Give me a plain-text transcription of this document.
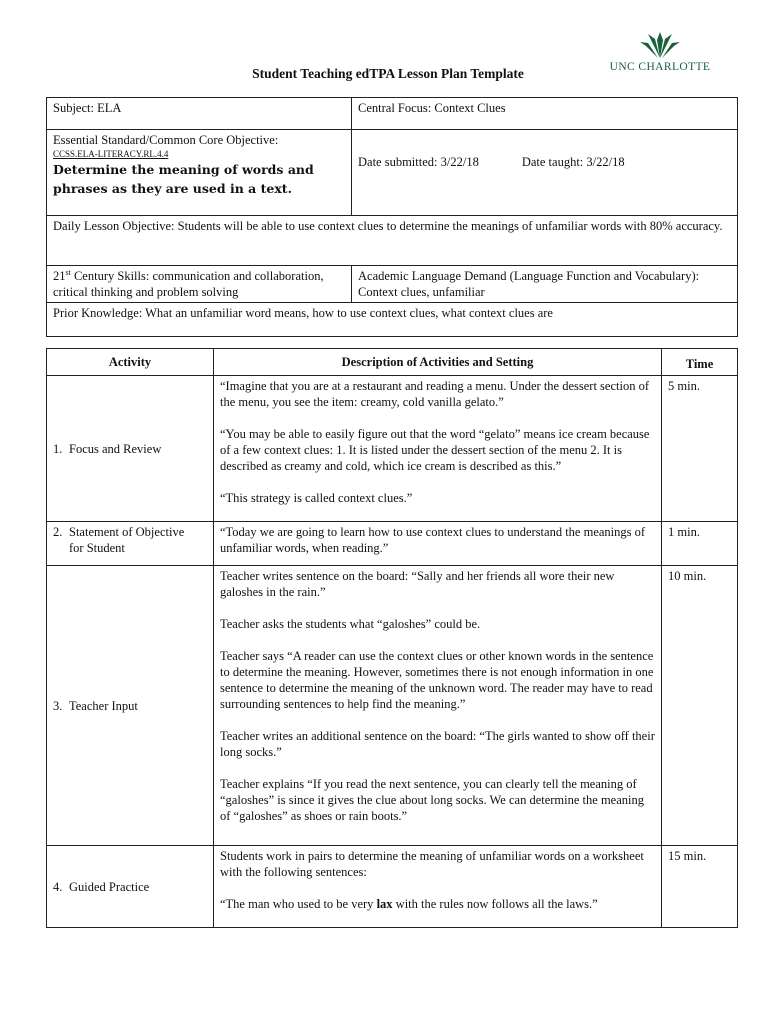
UNC CHARLOTTE
Student Teaching edTPA Lesson Plan Template
Subject: ELA	Central Focus: Context Clues
Essential Standard/Common Core Objective:
CCSS.ELA-LITERACY.RL.4.4
Determine the meaning of words and phrases as they are used in a text.	Date submitted: 3/22/18 Date taught: 3/22/18

Daily Lesson Objective: Students will be able to use context clues to determine the meanings of unfamiliar words with 80% accuracy.	
21st Century Skills: communication and collaboration, critical thinking and problem solving	Academic Language Demand (Language Function and Vocabulary): Context clues, unfamiliar
Prior Knowledge: What an unfamiliar word means, how to use context clues, what context clues are	
Activity	Description of Activities and Setting	Time
1. Focus and Review	“Imagine that you are at a restaurant and reading a menu. Under the dessert section of the menu, you see the item: creamy, cold vanilla gelato.”

“You may be able to easily figure out that the word “gelato” means ice cream because of a few context clues: 1. It is listed under the dessert section of the menu 2. It is described as creamy and cold, which ice cream is described as this.”

“This strategy is called context clues.”	5 min.
2. Statement of Objective
for Student	“Today we are going to learn how to use context clues to understand the meanings of unfamiliar words, when reading.”	1 min.
3. Teacher Input	Teacher writes sentence on the board: “Sally and her friends all wore their new galoshes in the rain.”

Teacher asks the students what “galoshes” could be.

Teacher says “A reader can use the context clues or other known words in the sentence to determine the meaning. However, sometimes there is not enough information in one sentence to determine the meaning of the unknown word. The reader may have to read surrounding sentences to help find the meaning.”

Teacher writes an additional sentence on the board: “The girls wanted to show off their long socks.”

Teacher explains “If you read the next sentence, you can clearly tell the meaning of “galoshes” is since it gives the clue about long socks. We can determine the meaning of “galoshes” as shoes or rain boots.”	10 min.
4. Guided Practice	Students work in pairs to determine the meaning of unfamiliar words on a worksheet with the following sentences:

“The man who used to be very lax with the rules now follows all the laws.”	15 min.
